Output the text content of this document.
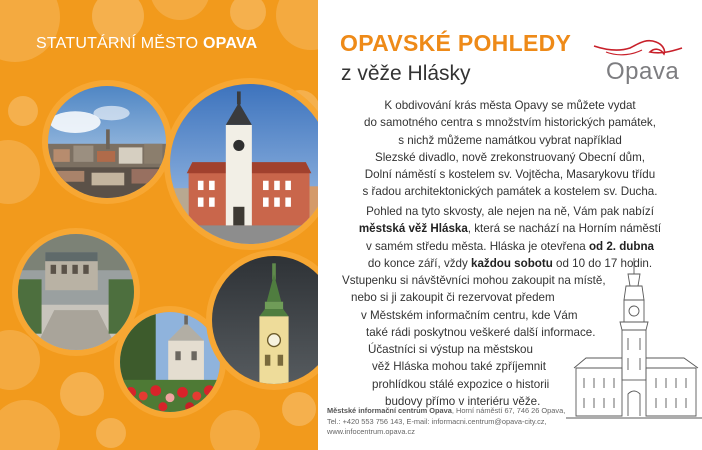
STATUTÁRNÍ MĚSTO OPAVA	OPAVSKÉ POHLEDY
z věže Hlásky	Opava
K obdivování krás města Opavy se můžete vydat
do samotného centra s množstvím historických památek,
s nichž můžeme namátkou vybrat například
Slezské divadlo, nově zrekonstruovaný Obecní dům,
Dolní náměstí s kostelem sv. Vojtěcha, Masarykovu třídu
s řadou architektonických památek a kostelem sv. Ducha.
Pohled na tyto skvosty, ale nejen na ně, Vám pak nabízí
městská věž Hláska, která se nachází na Horním náměstí
v samém středu města. Hláska je otevřena od 2. dubna
do konce září, vždy každou sobotu od 10 do 17 hodin.
Vstupenku si návštěvníci mohou zakoupit na místě,
nebo si ji zakoupit či rezervovat předem
v Městském informačním centru, kde Vám
také rádi poskytnou veškeré další informace.
Účastníci si výstup na městskou
věž Hláska mohou také zpříjemnit
prohlídkou stálé expozice o historii
budovy přímo v interiéru věže.
Městské informační centrum Opava, Horní náměstí 67, 746 26 Opava,
Tel.: +420 553 756 143, E-mail: informacni.centrum@opava-city.cz,
www.infocentrum.opava.cz
